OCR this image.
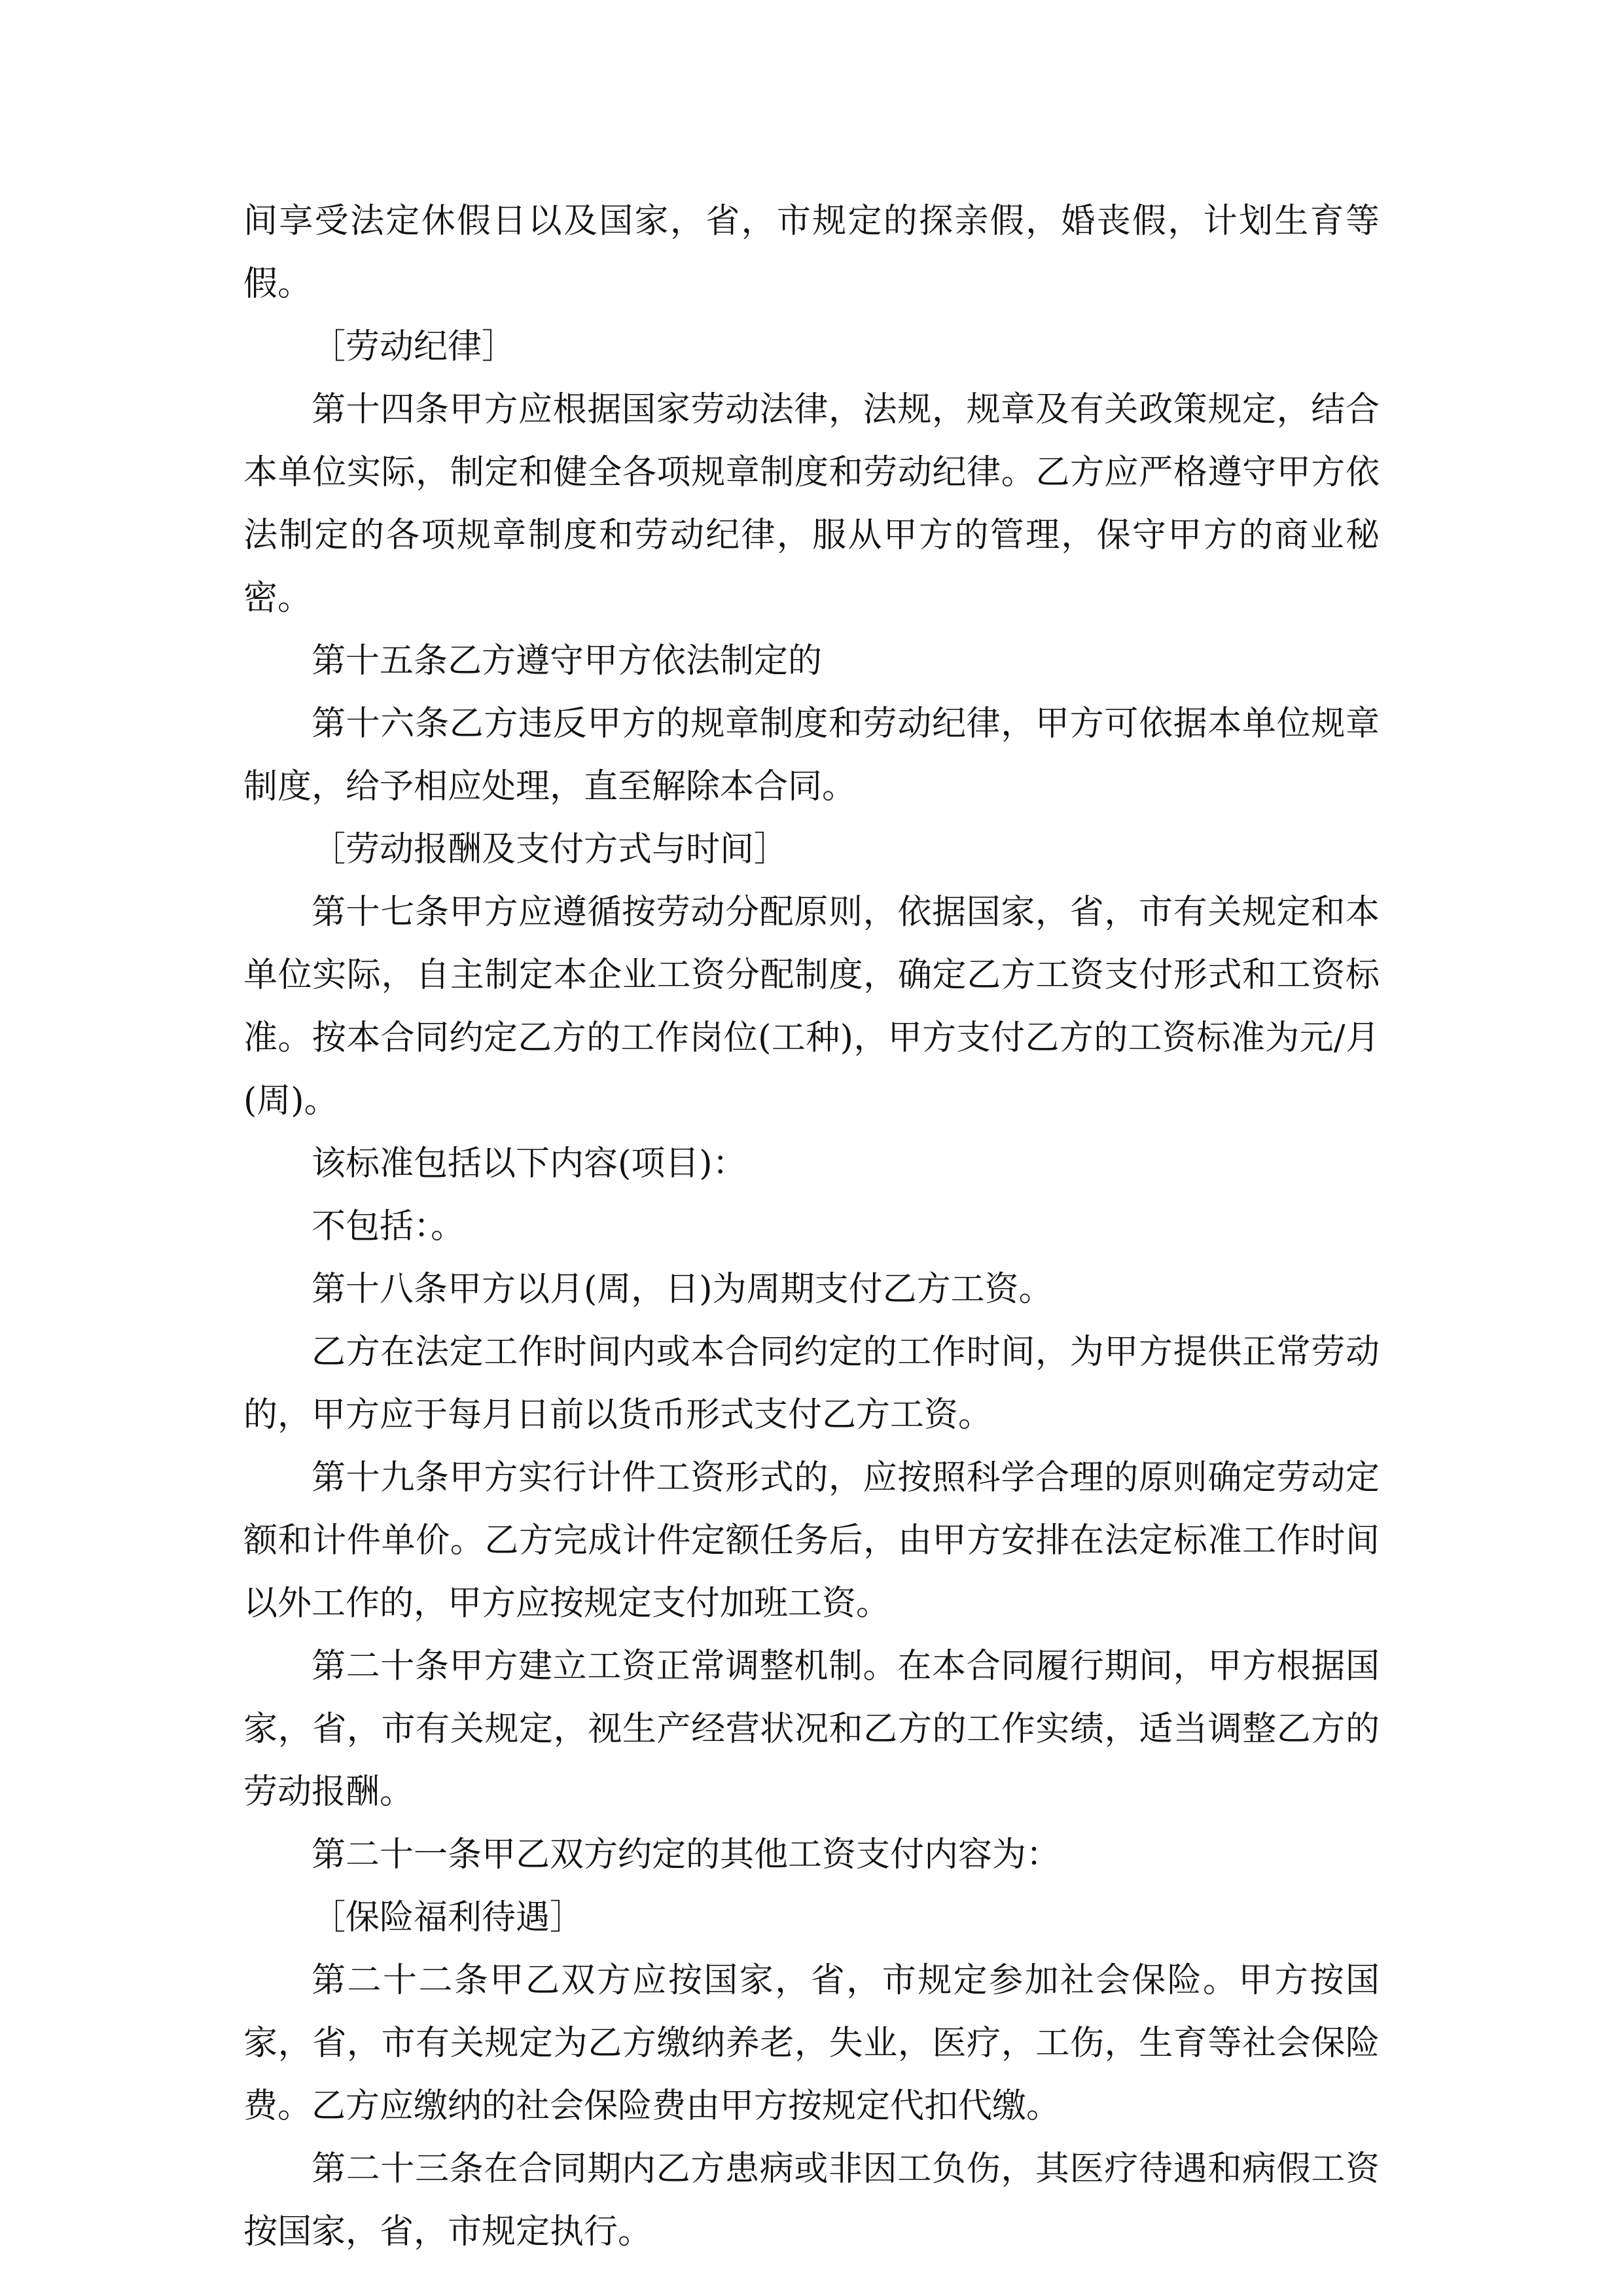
间享受法定休假日以及国家，省，市规定的探亲假，婚丧假，计划生育等假。

［劳动纪律］

第十四条甲方应根据国家劳动法律，法规，规章及有关政策规定，结合本单位实际，制定和健全各项规章制度和劳动纪律。乙方应严格遵守甲方依法制定的各项规章制度和劳动纪律，服从甲方的管理，保守甲方的商业秘密。

第十五条乙方遵守甲方依法制定的

第十六条乙方违反甲方的规章制度和劳动纪律，甲方可依据本单位规章制度，给予相应处理，直至解除本合同。

［劳动报酬及支付方式与时间］

第十七条甲方应遵循按劳动分配原则，依据国家，省，市有关规定和本单位实际，自主制定本企业工资分配制度，确定乙方工资支付形式和工资标准。按本合同约定乙方的工作岗位(工种)，甲方支付乙方的工资标准为元/月(周)。

该标准包括以下内容(项目)：

不包括：。

第十八条甲方以月(周，日)为周期支付乙方工资。

乙方在法定工作时间内或本合同约定的工作时间，为甲方提供正常劳动的，甲方应于每月日前以货币形式支付乙方工资。

第十九条甲方实行计件工资形式的，应按照科学合理的原则确定劳动定额和计件单价。乙方完成计件定额任务后，由甲方安排在法定标准工作时间以外工作的，甲方应按规定支付加班工资。

第二十条甲方建立工资正常调整机制。在本合同履行期间，甲方根据国家，省，市有关规定，视生产经营状况和乙方的工作实绩，适当调整乙方的劳动报酬。

第二十一条甲乙双方约定的其他工资支付内容为：

［保险福利待遇］

第二十二条甲乙双方应按国家，省，市规定参加社会保险。甲方按国家，省，市有关规定为乙方缴纳养老，失业，医疗，工伤，生育等社会保险费。乙方应缴纳的社会保险费由甲方按规定代扣代缴。

第二十三条在合同期内乙方患病或非因工负伤，其医疗待遇和病假工资按国家，省，市规定执行。
